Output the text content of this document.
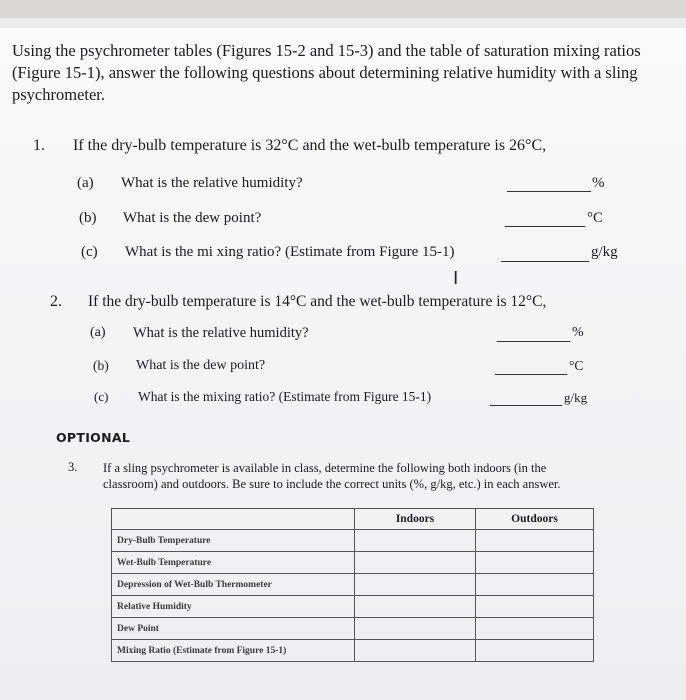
Using the psychrometer tables (Figures 15-2 and 15-3) and the table of saturation mixing ratios (Figure 15-1), answer the following questions about determining relative humidity with a sling psychrometer.
1. If the dry-bulb temperature is 32°C and the wet-bulb temperature is 26°C,
(a) What is the relative humidity?	%
(b) What is the dew point?	°C
(c) What is the mi xing ratio? (Estimate from Figure 15-1)	g/kg
I
2. If the dry-bulb temperature is 14°C and the wet-bulb temperature is 12°C,
(a) What is the relative humidity?	%
(b) What is the dew point?	°C
(c) What is the mixing ratio? (Estimate from Figure 15-1)	g/kg
OPTIONAL
3. If a sling psychrometer is available in class, determine the following both indoors (in the classroom) and outdoors. Be sure to include the correct units (%, g/kg, etc.) in each answer.
	Indoors	Outdoors
Dry-Bulb Temperature		
Wet-Bulb Temperature		
Depression of Wet-Bulb Thermometer		
Relative Humidity		
Dew Point		
Mixing Ratio (Estimate from Figure 15-1)		
